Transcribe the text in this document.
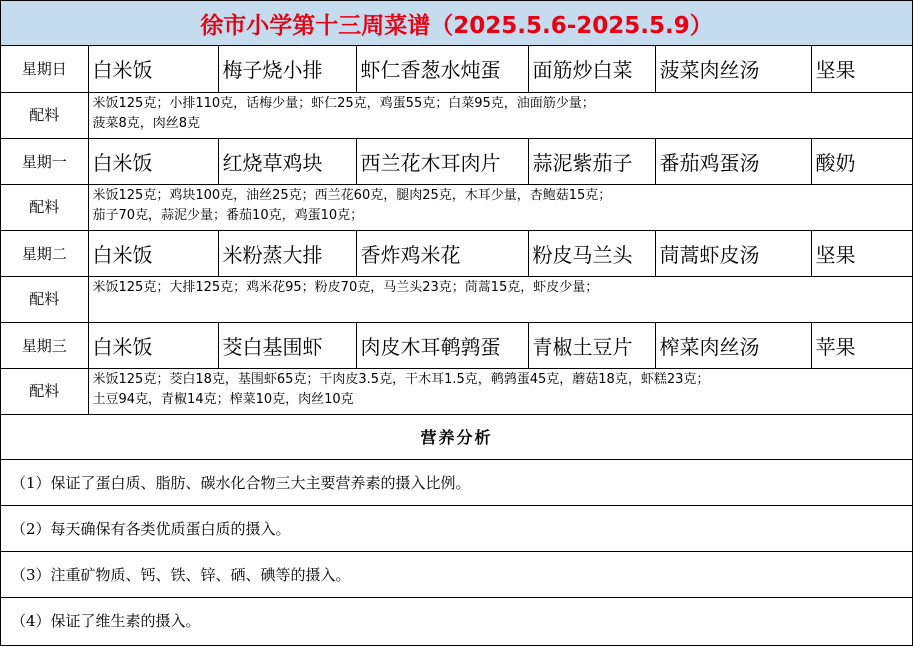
徐市小学第十三周菜谱（2025.5.6-2025.5.9）
星期日	白米饭	梅子烧小排	虾仁香葱水炖蛋	面筋炒白菜	菠菜肉丝汤	坚果
配料	米饭125克；小排110克，话梅少量；虾仁25克，鸡蛋55克；白菜95克，油面筋少量；
菠菜8克，肉丝8克					

星期一	白米饭	红烧草鸡块	西兰花木耳肉片	蒜泥紫茄子	番茄鸡蛋汤	酸奶
配料	米饭125克；鸡块100克，油丝25克；西兰花60克，腿肉25克，木耳少量，杏鲍菇15克；
茄子70克，蒜泥少量；番茄10克，鸡蛋10克；					

星期二	白米饭	米粉蒸大排	香炸鸡米花	粉皮马兰头	茼蒿虾皮汤	坚果
配料	米饭125克；大排125克；鸡米花95；粉皮70克，马兰头23克；茼蒿15克，虾皮少量；					

星期三	白米饭	茭白基围虾	肉皮木耳鹌鹑蛋	青椒土豆片	榨菜肉丝汤	苹果
配料	米饭125克；茭白18克，基围虾65克；干肉皮3.5克，干木耳1.5克，鹌鹑蛋45克，蘑菇18克，虾糕23克；
土豆94克，青椒14克；榨菜10克，肉丝10克					

营养分析						
（1）保证了蛋白质、脂肪、碳水化合物三大主要营养素的摄入比例。						
（2）每天确保有各类优质蛋白质的摄入。						
（3）注重矿物质、钙、铁、锌、硒、碘等的摄入。						
（4）保证了维生素的摄入。						
